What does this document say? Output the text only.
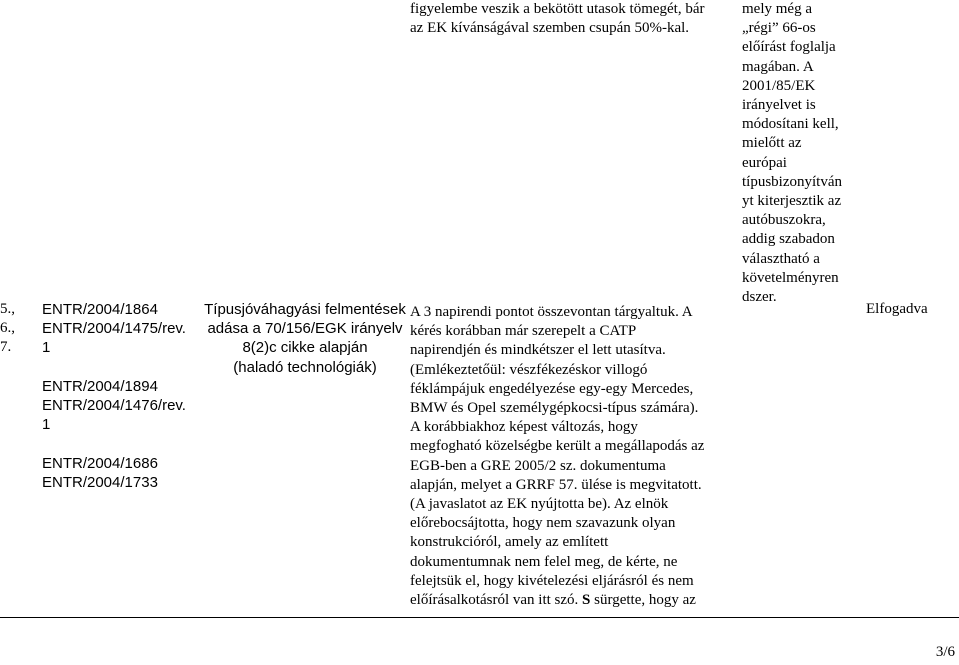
5.,
6.,
7.
ENTR/2004/1864
ENTR/2004/1475/rev.
1

ENTR/2004/1894
ENTR/2004/1476/rev.
1

ENTR/2004/1686
ENTR/2004/1733
Típusjóváhagyási felmentések
adása a 70/156/EGK irányelv
8(2)c cikke alapján
(haladó technológiák)
figyelembe veszik a bekötött utasok tömegét, bár
az EK kívánságával szemben csupán 50%-kal.
A 3 napirendi pontot összevontan tárgyaltuk. A
kérés korábban már szerepelt a CATP
napirendjén és mindkétszer el lett utasítva.
(Emlékeztetőül: vészfékezéskor villogó
féklámpájuk engedélyezése egy-egy Mercedes,
BMW és Opel személygépkocsi-típus számára).
A korábbiakhoz képest változás, hogy
megfogható közelségbe került a megállapodás az
EGB-ben a GRE 2005/2 sz. dokumentuma
alapján, melyet a GRRF 57. ülése is megvitatott.
(A javaslatot az EK nyújtotta be). Az elnök
előrebocsájtotta, hogy nem szavazunk olyan
konstrukcióról, amely az említett
dokumentumnak nem felel meg, de kérte, ne
felejtsük el, hogy kivételezési eljárásról és nem
előírásalkotásról van itt szó. S sürgette, hogy az
mely még a
„régi” 66-os
előírást foglalja
magában. A
2001/85/EK
irányelvet is
módosítani kell,
mielőtt az
európai
típusbizonyítván
yt kiterjesztik az
autóbuszokra,
addig szabadon
választható a
követelményren
dszer.
Elfogadva
3/6
